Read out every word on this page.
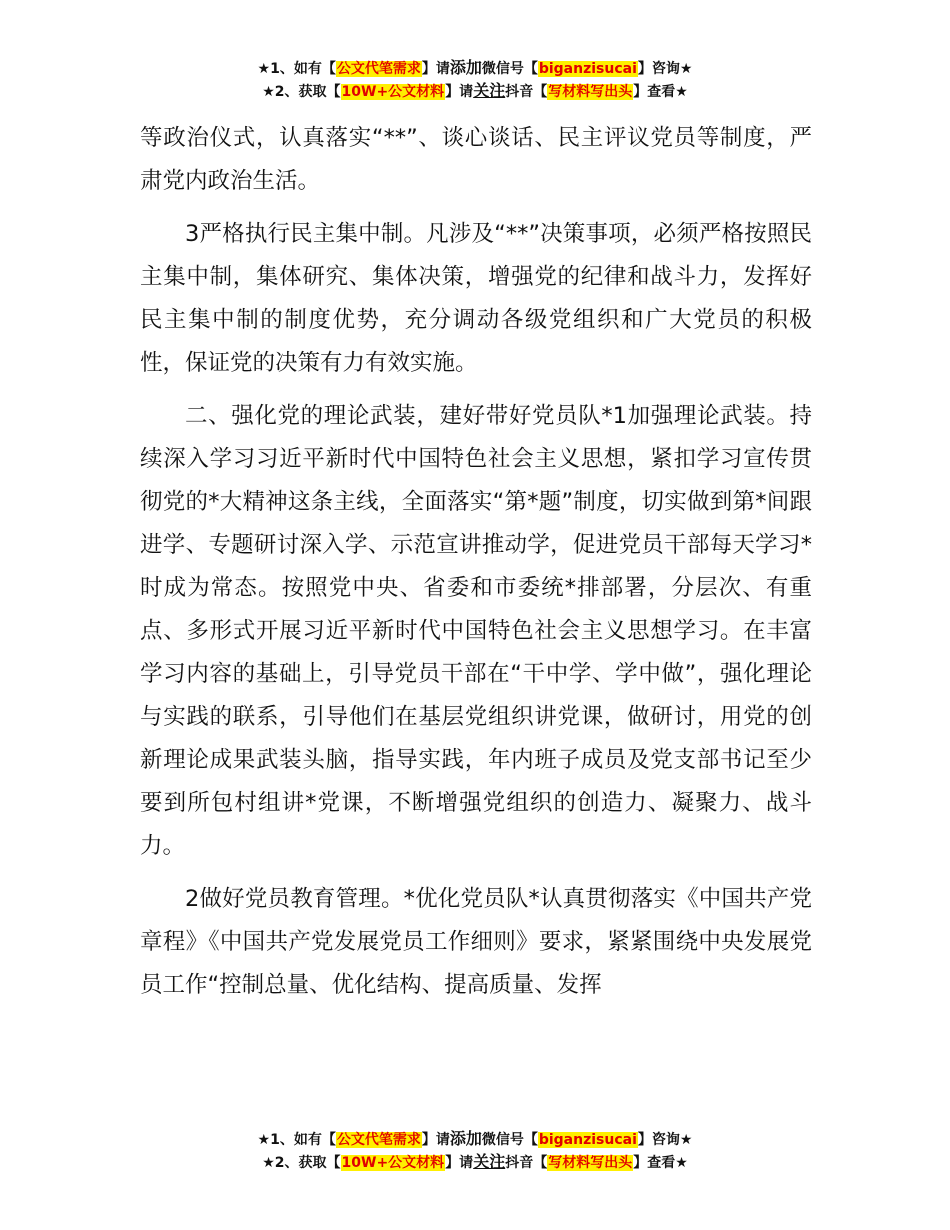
★1、如有【公文代笔需求】请添加微信号【biganzisucai】咨询★
★2、获取【10W+公文材料】请关注抖音【写材料写出头】查看★

等政治仪式，认真落实“**”、谈心谈话、民主评议党员等制度，严肃党内政治生活。

3严格执行民主集中制。凡涉及“**”决策事项，必须严格按照民主集中制，集体研究、集体决策，增强党的纪律和战斗力，发挥好民主集中制的制度优势，充分调动各级党组织和广大党员的积极性，保证党的决策有力有效实施。

二、强化党的理论武装，建好带好党员队*1加强理论武装。持续深入学习习近平新时代中国特色社会主义思想，紧扣学习宣传贯彻党的*大精神这条主线，全面落实“第*题”制度，切实做到第*间跟进学、专题研讨深入学、示范宣讲推动学，促进党员干部每天学习*时成为常态。按照党中央、省委和市委统*排部署，分层次、有重点、多形式开展习近平新时代中国特色社会主义思想学习。在丰富学习内容的基础上，引导党员干部在“干中学、学中做”，强化理论与实践的联系，引导他们在基层党组织讲党课，做研讨，用党的创新理论成果武装头脑，指导实践，年内班子成员及党支部书记至少要到所包村组讲*党课，不断增强党组织的创造力、凝聚力、战斗力。

2做好党员教育管理。*优化党员队*认真贯彻落实《中国共产党章程》《中国共产党发展党员工作细则》要求，紧紧围绕中央发展党员工作“控制总量、优化结构、提高质量、发挥

★1、如有【公文代笔需求】请添加微信号【biganzisucai】咨询★
★2、获取【10W+公文材料】请关注抖音【写材料写出头】查看★
